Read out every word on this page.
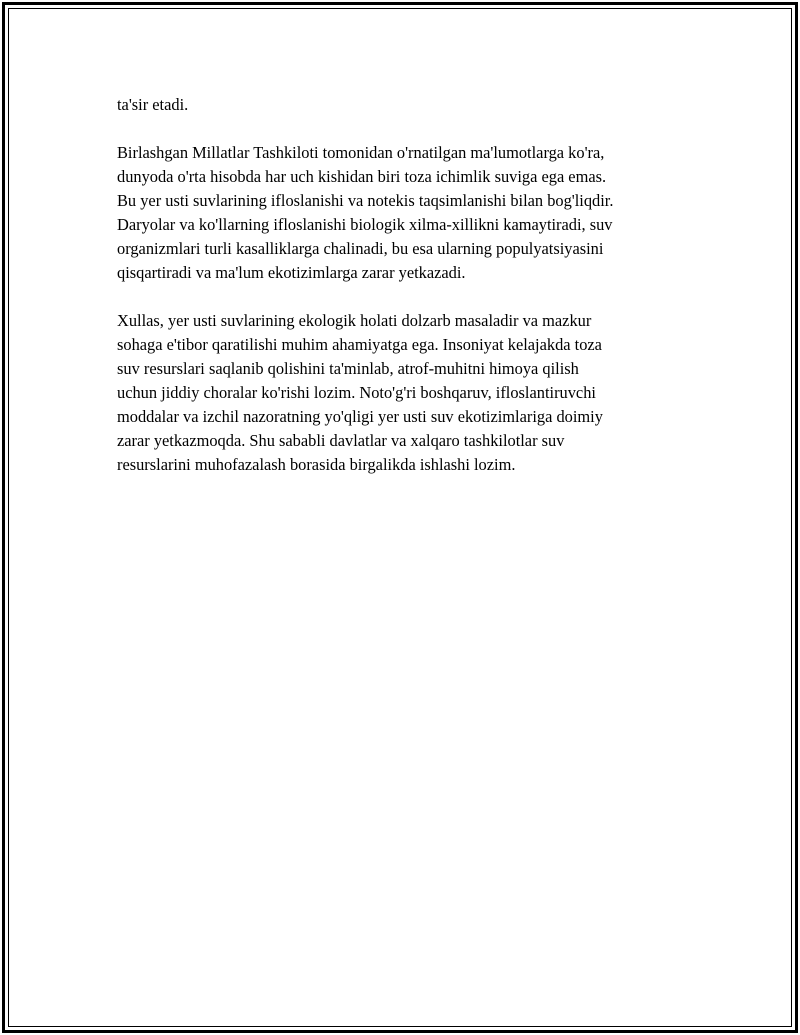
ta'sir etadi.

Birlashgan Millatlar Tashkiloti tomonidan o'rnatilgan ma'lumotlarga ko'ra,
dunyoda o'rta hisobda har uch kishidan biri toza ichimlik suviga ega emas.
Bu yer usti suvlarining ifloslanishi va notekis taqsimlanishi bilan bog'liqdir.
Daryolar va ko'llarning ifloslanishi biologik xilma-xillikni kamaytiradi, suv
organizmlari turli kasalliklarga chalinadi, bu esa ularning populyatsiyasini
qisqartiradi va ma'lum ekotizimlarga zarar yetkazadi.

Xullas, yer usti suvlarining ekologik holati dolzarb masaladir va mazkur
sohaga e'tibor qaratilishi muhim ahamiyatga ega. Insoniyat kelajakda toza
suv resurslari saqlanib qolishini ta'minlab, atrof-muhitni himoya qilish
uchun jiddiy choralar ko'rishi lozim. Noto'g'ri boshqaruv, ifloslantiruvchi
moddalar va izchil nazoratning yo'qligi yer usti suv ekotizimlariga doimiy
zarar yetkazmoqda. Shu sababli davlatlar va xalqaro tashkilotlar suv
resurslarini muhofazalash borasida birgalikda ishlashi lozim.
